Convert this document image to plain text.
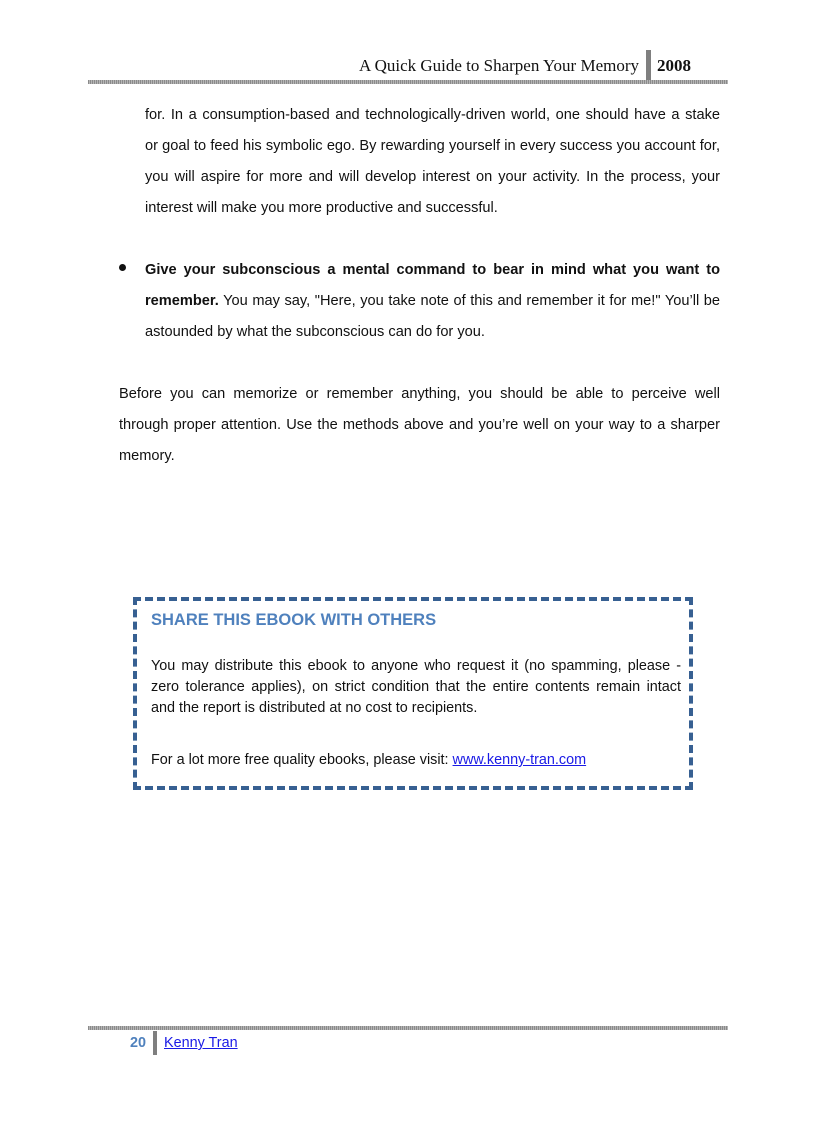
A Quick Guide to Sharpen Your Memory 2008
for. In a consumption-based and technologically-driven world, one should have a stake or goal to feed his symbolic ego. By rewarding yourself in every success you account for, you will aspire for more and will develop interest on your activity. In the process, your interest will make you more productive and successful.
Give your subconscious a mental command to bear in mind what you want to remember. You may say, "Here, you take note of this and remember it for me!" You’ll be astounded by what the subconscious can do for you.
Before you can memorize or remember anything, you should be able to perceive well through proper attention. Use the methods above and you’re well on your way to a sharper memory.
SHARE THIS EBOOK WITH OTHERS
You may distribute this ebook to anyone who request it (no spamming, please - zero tolerance applies), on strict condition that the entire contents remain intact and the report is distributed at no cost to recipients.
For a lot more free quality ebooks, please visit: www.kenny-tran.com
20 Kenny Tran
